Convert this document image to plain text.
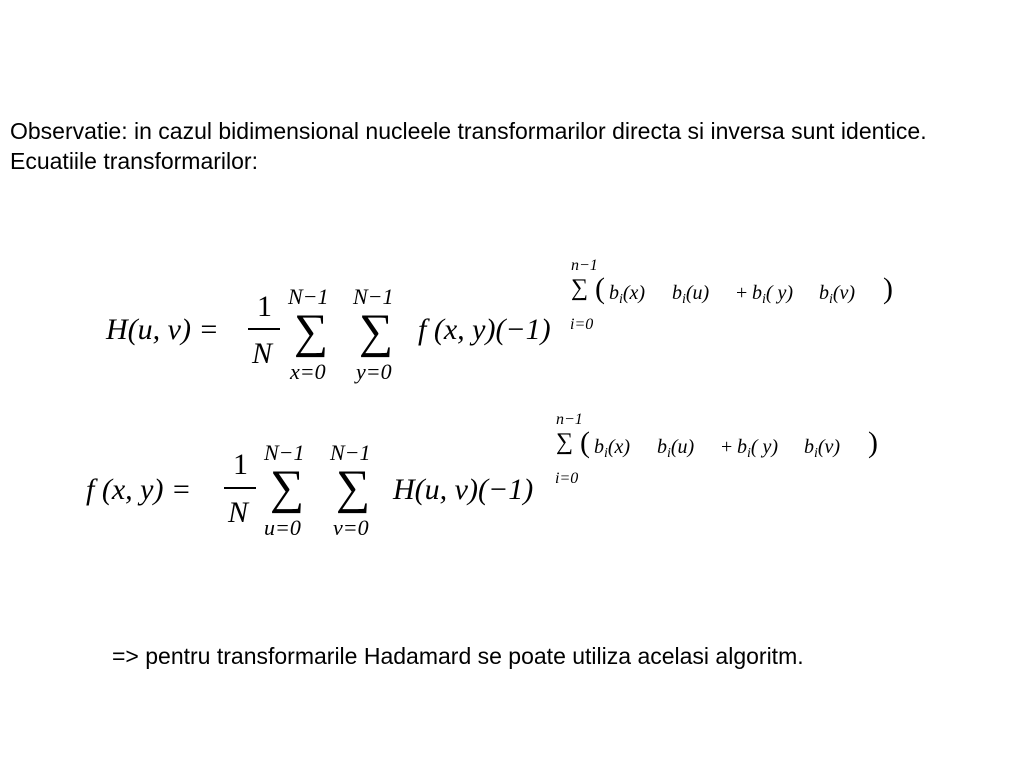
Observatie: in cazul bidimensional nucleele transformarilor directa si inversa sunt identice. Ecuatiile transformarilor:

H(u, v) =
1
N
N−1
∑
x=0
N−1
∑
y=0
f (x, y)(−1)
n−1
∑
i=0
( $b_i(x) b_i(u) + b_i$( y) $b_i(v)$ )
f (x, y) =
1
N
N−1
∑
u=0
N−1
∑
v=0
H(u, v)(−1)
n−1
∑
i=0
( $b_i(x) b_i(u) + b_i$( y) $b_i(v)$ )

=> pentru transformarile Hadamard se poate utiliza acelasi algoritm.
